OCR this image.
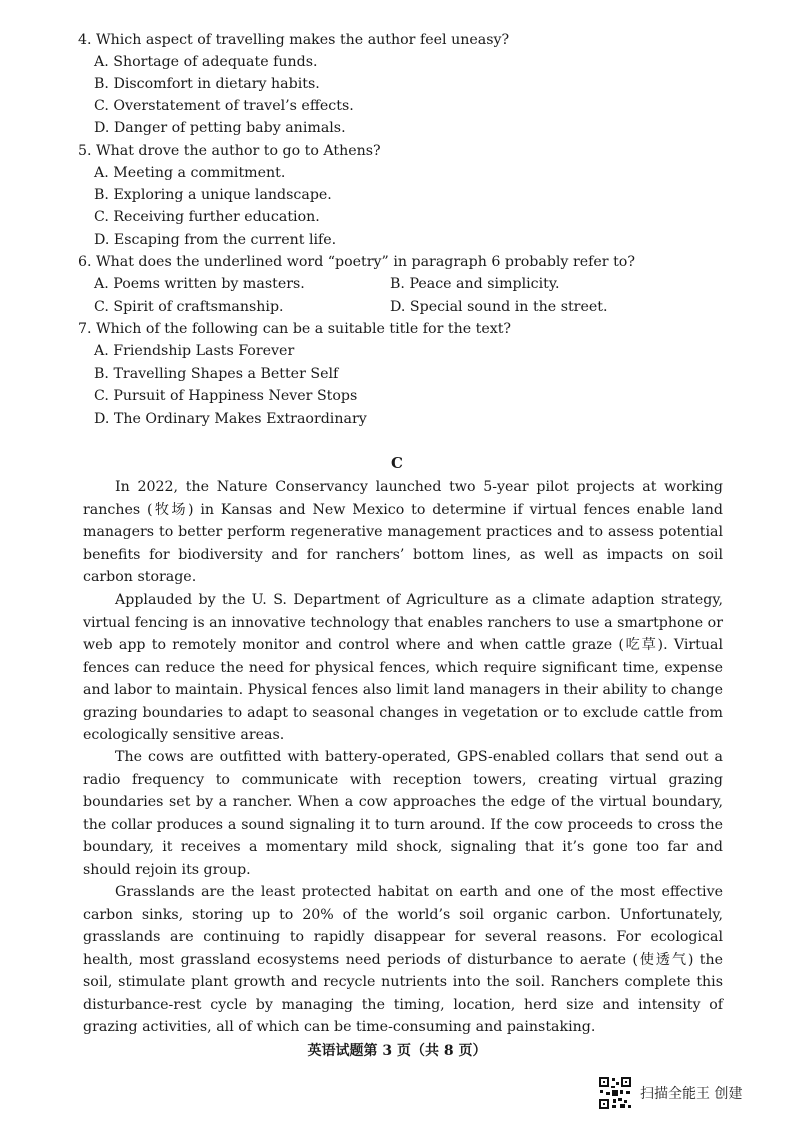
4. Which aspect of travelling makes the author feel uneasy?
A. Shortage of adequate funds.
B. Discomfort in dietary habits.
C. Overstatement of travel’s effects.
D. Danger of petting baby animals.
5. What drove the author to go to Athens?
A. Meeting a commitment.
B. Exploring a unique landscape.
C. Receiving further education.
D. Escaping from the current life.
6. What does the underlined word “poetry” in paragraph 6 probably refer to?
A. Poems written by masters.	B. Peace and simplicity.
C. Spirit of craftsmanship.	D. Special sound in the street.
7. Which of the following can be a suitable title for the text?
A. Friendship Lasts Forever
B. Travelling Shapes a Better Self
C. Pursuit of Happiness Never Stops
D. The Ordinary Makes Extraordinary
C
In 2022, the Nature Conservancy launched two 5-year pilot projects at working ranches (牧场) in Kansas and New Mexico to determine if virtual fences enable land managers to better perform regenerative management practices and to assess potential benefits for biodiversity and for ranchers’ bottom lines, as well as impacts on soil carbon storage.
Applauded by the U. S. Department of Agriculture as a climate adaption strategy, virtual fencing is an innovative technology that enables ranchers to use a smartphone or web app to remotely monitor and control where and when cattle graze (吃草). Virtual fences can reduce the need for physical fences, which require significant time, expense and labor to maintain. Physical fences also limit land managers in their ability to change grazing boundaries to adapt to seasonal changes in vegetation or to exclude cattle from ecologically sensitive areas.
The cows are outfitted with battery-operated, GPS-enabled collars that send out a radio frequency to communicate with reception towers, creating virtual grazing boundaries set by a rancher. When a cow approaches the edge of the virtual boundary, the collar produces a sound signaling it to turn around. If the cow proceeds to cross the boundary, it receives a momentary mild shock, signaling that it’s gone too far and should rejoin its group.
Grasslands are the least protected habitat on earth and one of the most effective carbon sinks, storing up to 20% of the world’s soil organic carbon. Unfortunately, grasslands are continuing to rapidly disappear for several reasons. For ecological health, most grassland ecosystems need periods of disturbance to aerate (使透气) the soil, stimulate plant growth and recycle nutrients into the soil. Ranchers complete this disturbance-rest cycle by managing the timing, location, herd size and intensity of grazing activities, all of which can be time-consuming and painstaking.
英语试题第 3 页（共 8 页）
扫描全能王 创建
